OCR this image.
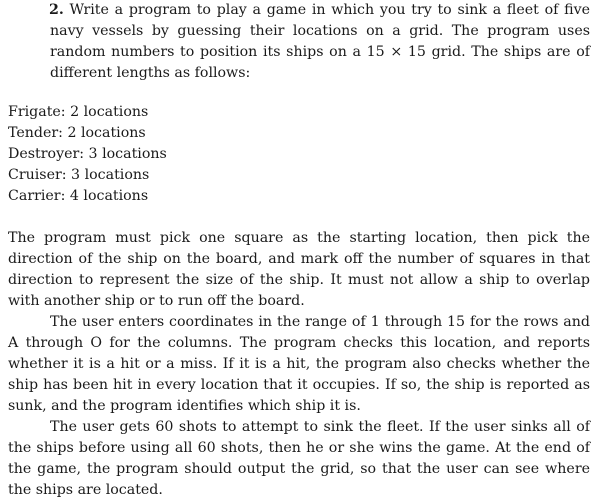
2. Write a program to play a game in which you try to sink a fleet of five navy vessels by guessing their locations on a grid. The program uses random numbers to position its ships on a 15 × 15 grid. The ships are of different lengths as follows:
Frigate: 2 locations
Tender: 2 locations
Destroyer: 3 locations
Cruiser: 3 locations
Carrier: 4 locations

The program must pick one square as the starting location, then pick the direction of the ship on the board, and mark off the number of squares in that direction to represent the size of the ship. It must not allow a ship to overlap with another ship or to run off the board.

The user enters coordinates in the range of 1 through 15 for the rows and A through O for the columns. The program checks this location, and reports whether it is a hit or a miss. If it is a hit, the program also checks whether the ship has been hit in every location that it occupies. If so, the ship is reported as sunk, and the program identifies which ship it is.

The user gets 60 shots to attempt to sink the fleet. If the user sinks all of the ships before using all 60 shots, then he or she wins the game. At the end of the game, the program should output the grid, so that the user can see where the ships are located.
